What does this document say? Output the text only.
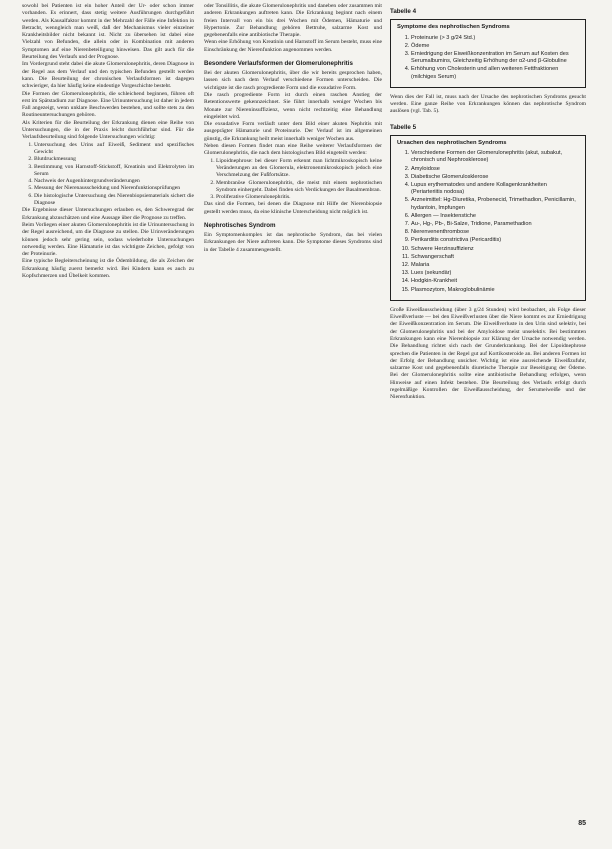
sowohl bei Patienten ist ein hoher Anteil der Ur- oder schon immer vorhanden. Es erinnert, dass stetig weitere Ausführungen durchgeführt werden. Als Kausalfaktor kommt in der Mehrzahl der Fälle eine Infektion in Betracht, wenngleich man weiß, daß der Mechanismus vieler einzelner Krankheitsbilder nicht bekannt ist. Nicht zu übersehen ist dabei eine Vielzahl von Befunden, die allein oder in Kombination mit anderen Symptomen auf eine Nierenbeteiligung hinweisen. Das gilt auch für die Beurteilung des Verlaufs und der Prognose.

Im Vordergrund steht dabei die akute Glomerulonephritis, deren Diagnose in der Regel aus dem Verlauf und den typischen Befunden gestellt werden kann. Die Beurteilung der chronischen Verlaufsformen ist dagegen schwieriger, da hier häufig keine eindeutige Vorgeschichte besteht.

Die Formen der Glomerulonephritis, die schleichend beginnen, führen oft erst im Spätstadium zur Diagnose. Eine Urinuntersuchung ist daher in jedem Fall angezeigt, wenn unklare Beschwerden bestehen, und sollte stets zu den Routineuntersuchungen gehören.

Als Kriterien für die Beurteilung der Erkrankung dienen eine Reihe von Untersuchungen, die in der Praxis leicht durchführbar sind. Für die Verlaufsbeurteilung sind folgende Untersuchungen wichtig:

1. Untersuchung des Urins auf Eiweiß, Sediment und spezifisches Gewicht
2. Blutdruckmessung
3. Bestimmung von Harnstoff-Stickstoff, Kreatinin und Elektrolyten im Serum
4. Nachweis der Augenhintergrundveränderungen
5. Messung der Nierenausscheidung und Nierenfunktionsprüfungen
6. Die histologische Untersuchung des Nierenbiopsiematerials sichert die Diagnose

Die Ergebnisse dieser Untersuchungen erlauben es, den Schweregrad der Erkrankung abzuschätzen und eine Aussage über die Prognose zu treffen.

Beim Vorliegen einer akuten Glomerulonephritis ist die Urinuntersuchung in der Regel ausreichend, um die Diagnose zu stellen. Die Urinveränderungen können jedoch sehr gering sein, sodass wiederholte Untersuchungen notwendig werden. Eine Hämaturie ist das wichtigste Zeichen, gefolgt von der Proteinurie.

Eine typische Begleiterscheinung ist die Ödembildung, die als Zeichen der Erkrankung häufig zuerst bemerkt wird. Bei Kindern kann es auch zu Kopfschmerzen und Übelkeit kommen.

oder Tonsillitis, die akute Glomerulonephritis und daneben oder zusammen mit anderen Erkrankungen auftreten kann. Die Erkrankung beginnt nach einem freien Intervall von ein bis drei Wochen mit Ödemen, Hämaturie und Hypertonie. Zur Behandlung gehören Bettruhe, salzarme Kost und gegebenenfalls eine antibiotische Therapie.

Wenn eine Erhöhung von Kreatinin und Harnstoff im Serum besteht, muss eine Einschränkung der Nierenfunktion angenommen werden.

Besondere Verlaufsformen der Glomerulonephritis

Bei der akuten Glomerulonephritis, über die wir bereits gesprochen haben, lassen sich nach dem Verlauf verschiedene Formen unterscheiden. Die wichtigste ist die rasch progrediente Form und die exsudative Form.

Die rasch progrediente Form ist durch einen raschen Anstieg der Retentionswerte gekennzeichnet. Sie führt innerhalb weniger Wochen bis Monate zur Niereninsuffizienz, wenn nicht rechtzeitig eine Behandlung eingeleitet wird.

Die exsudative Form verläuft unter dem Bild einer akuten Nephritis mit ausgeprägter Hämaturie und Proteinurie. Der Verlauf ist im allgemeinen günstig, die Erkrankung heilt meist innerhalb weniger Wochen aus.

Neben diesen Formen findet man eine Reihe weiterer Verlaufsformen der Glomerulonephritis, die nach dem histologischen Bild eingeteilt werden:

1. Lipoidnephrose: bei dieser Form erkennt man lichtmikroskopisch keine Veränderungen an den Glomerula, elektronenmikroskopisch jedoch eine Verschmelzung der Fußfortsätze.
2. Membranöse Glomerulonephritis, die meist mit einem nephrotischen Syndrom einhergeht. Dabei finden sich Verdickungen der Basalmembran.
3. Proliferative Glomerulonephritis.

Das sind die Formen, bei denen die Diagnose mit Hilfe der Nierenbiopsie gestellt werden muss, da eine klinische Unterscheidung nicht möglich ist.

Nephrotisches Syndrom

Ein Symptomenkomplex ist das nephrotische Syndrom, das bei vielen Erkrankungen der Niere auftreten kann. Die Symptome dieses Syndroms sind in der Tabelle 4 zusammengestellt.

Tabelle 4
Symptome des nephrotischen Syndroms
1. Proteinurie (> 3 g/24 Std.)
2. Ödeme
3. Erniedrigung der Eiweißkonzentration im Serum auf Kosten des Serumalbumins, Gleichzeitig Erhöhung der α2-und β-Globuline
4. Erhöhung von Cholesterin und allen weiteren Fettfraktionen (milchiges Serum)

Wenn dies der Fall ist, muss nach der Ursache des nephrotischen Syndroms gesucht werden. Eine ganze Reihe von Erkrankungen können das nephrotische Syndrom auslösen (vgl. Tab. 5).

Tabelle 5
Ursachen des nephrotischen Syndroms
1. Verschiedene Formen der Glomerulonephritis (akut, subakut, chronisch und Nephrosklerose)
2. Amyloidose
3. Diabetische Glomerulosklerose
4. Lupus erythematodes und andere Kollagenkrankheiten (Periarteriitis nodosa)
5. Arzneimittel: Hg-Diuretika, Probenecid, Trimethadion, Penicillamin, hydantoin, Impfungen
6. Allergen — Insektenstiche
7. Au-, Hg-, Pb-, Bi-Salze, Tridione, Paramethadion
8. Nierenvenenthrombose
9. Perikarditis constrictiva (Pericarditis)
10. Schwere Herzinsuffizienz
11. Schwangerschaft
12. Malaria
13. Lues (sekundär)
14. Hodgkin-Krankheit
15. Plasmozytom, Makroglobulinämie

Große Eiweißausscheidung (über 3 g/24 Stunden) wird beobachtet, als Folge dieser Eiweißverluste — bei den Eiweißverlusten über die Niere kommt es zur Erniedrigung der Eiweißkonzentration im Serum. Die Eiweißverluste in den Urin sind selektiv, bei der Glomerulonephritis und bei der Amyloidose meist unselektiv. Bei bestimmten Erkrankungen kann eine Nierenbiopsie zur Klärung der Ursache notwendig werden. Die Behandlung richtet sich nach der Grunderkrankung. Bei der Lipoidnephrose sprechen die Patienten in der Regel gut auf Kortikosteroide an. Bei anderen Formen ist der Erfolg der Behandlung unsicher. Wichtig ist eine ausreichende Eiweißzufuhr, salzarme Kost und gegebenenfalls diuretische Therapie zur Beseitigung der Ödeme. Bei der Glomerulonephritis sollte eine antibiotische Behandlung erfolgen, wenn Hinweise auf einen Infekt bestehen. Die Beurteilung des Verlaufs erfolgt durch regelmäßige Kontrollen der Eiweißausscheidung, der Serumeiweiße und der Nierenfunktion.

85
